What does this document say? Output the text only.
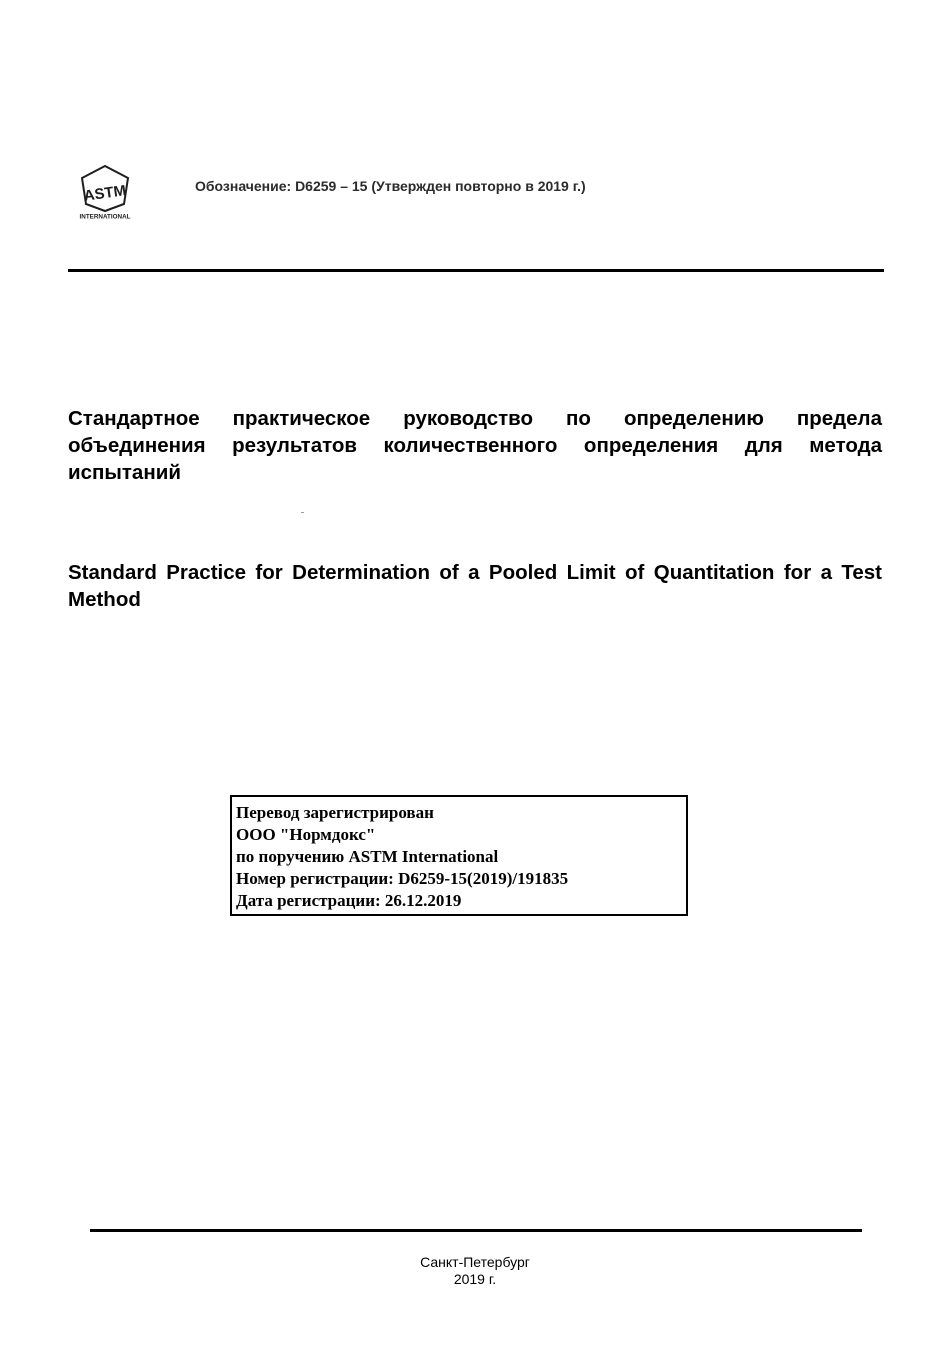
ASTM
INTERNATIONAL
Обозначение: D6259 – 15 (Утвержден повторно в 2019 г.)
Стандартное практическое руководство по определению предела объединения результатов количественного определения для метода испытаний
Standard Practice for Determination of a Pooled Limit of Quantitation for a Test Method
Перевод зарегистрирован
ООО "Нормдокс"
по поручению ASTM International
Номер регистрации: D6259-15(2019)/191835
Дата регистрации: 26.12.2019
Санкт-Петербург
2019 г.
